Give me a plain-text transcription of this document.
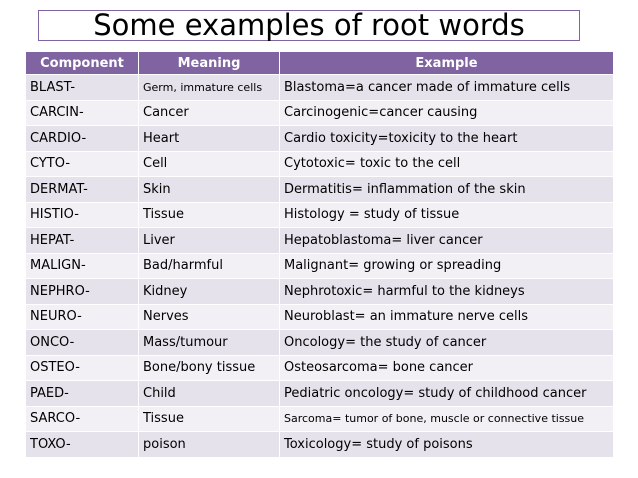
Some examples of root words
Component	Meaning	Example
BLAST-	Germ, immature cells	Blastoma=a cancer made of immature cells
CARCIN-	Cancer	Carcinogenic=cancer causing
CARDIO-	Heart	Cardio toxicity=toxicity to the heart
CYTO-	Cell	Cytotoxic= toxic to the cell
DERMAT-	Skin	Dermatitis= inflammation of the skin
HISTIO-	Tissue	Histology = study of tissue
HEPAT-	Liver	Hepatoblastoma= liver cancer
MALIGN-	Bad/harmful	Malignant= growing or spreading
NEPHRO-	Kidney	Nephrotoxic= harmful to the kidneys
NEURO-	Nerves	Neuroblast= an immature nerve cells
ONCO-	Mass/tumour	Oncology= the study of cancer
OSTEO-	Bone/bony tissue	Osteosarcoma= bone cancer
PAED-	Child	Pediatric oncology= study of childhood cancer
SARCO-	Tissue	Sarcoma= tumor of bone, muscle or connective tissue
TOXO-	poison	Toxicology= study of poisons
